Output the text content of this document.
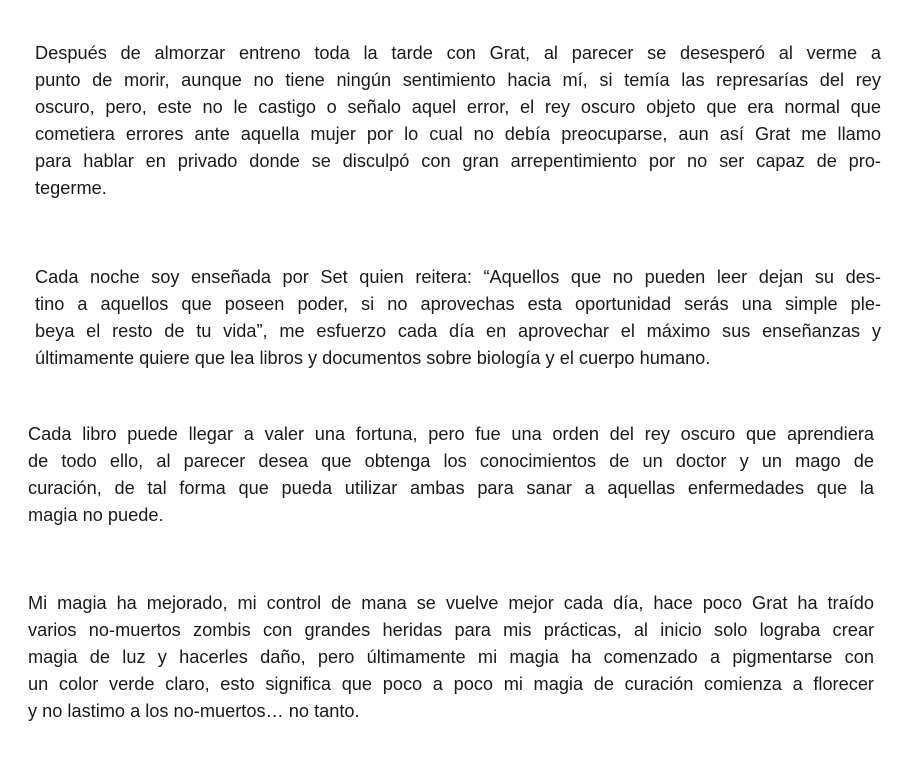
Después de almorzar entreno toda la tarde con Grat, al parecer se desesperó al verme a
punto de morir, aunque no tiene ningún sentimiento hacia mí, si temía las represarías del rey
oscuro, pero, este no le castigo o señalo aquel error, el rey oscuro objeto que era normal que
cometiera errores ante aquella mujer por lo cual no debía preocuparse, aun así Grat me llamo
para hablar en privado donde se disculpó con gran arrepentimiento por no ser capaz de pro-
tegerme.

Cada noche soy enseñada por Set quien reitera: “Aquellos que no pueden leer dejan su des-
tino a aquellos que poseen poder, si no aprovechas esta oportunidad serás una simple ple-
beya el resto de tu vida”, me esfuerzo cada día en aprovechar el máximo sus enseñanzas y
últimamente quiere que lea libros y documentos sobre biología y el cuerpo humano.

Cada libro puede llegar a valer una fortuna, pero fue una orden del rey oscuro que aprendiera
de todo ello, al parecer desea que obtenga los conocimientos de un doctor y un mago de
curación, de tal forma que pueda utilizar ambas para sanar a aquellas enfermedades que la
magia no puede.

Mi magia ha mejorado, mi control de mana se vuelve mejor cada día, hace poco Grat ha traído
varios no-muertos zombis con grandes heridas para mis prácticas, al inicio solo lograba crear
magia de luz y hacerles daño, pero últimamente mi magia ha comenzado a pigmentarse con
un color verde claro, esto significa que poco a poco mi magia de curación comienza a florecer
y no lastimo a los no-muertos… no tanto.
